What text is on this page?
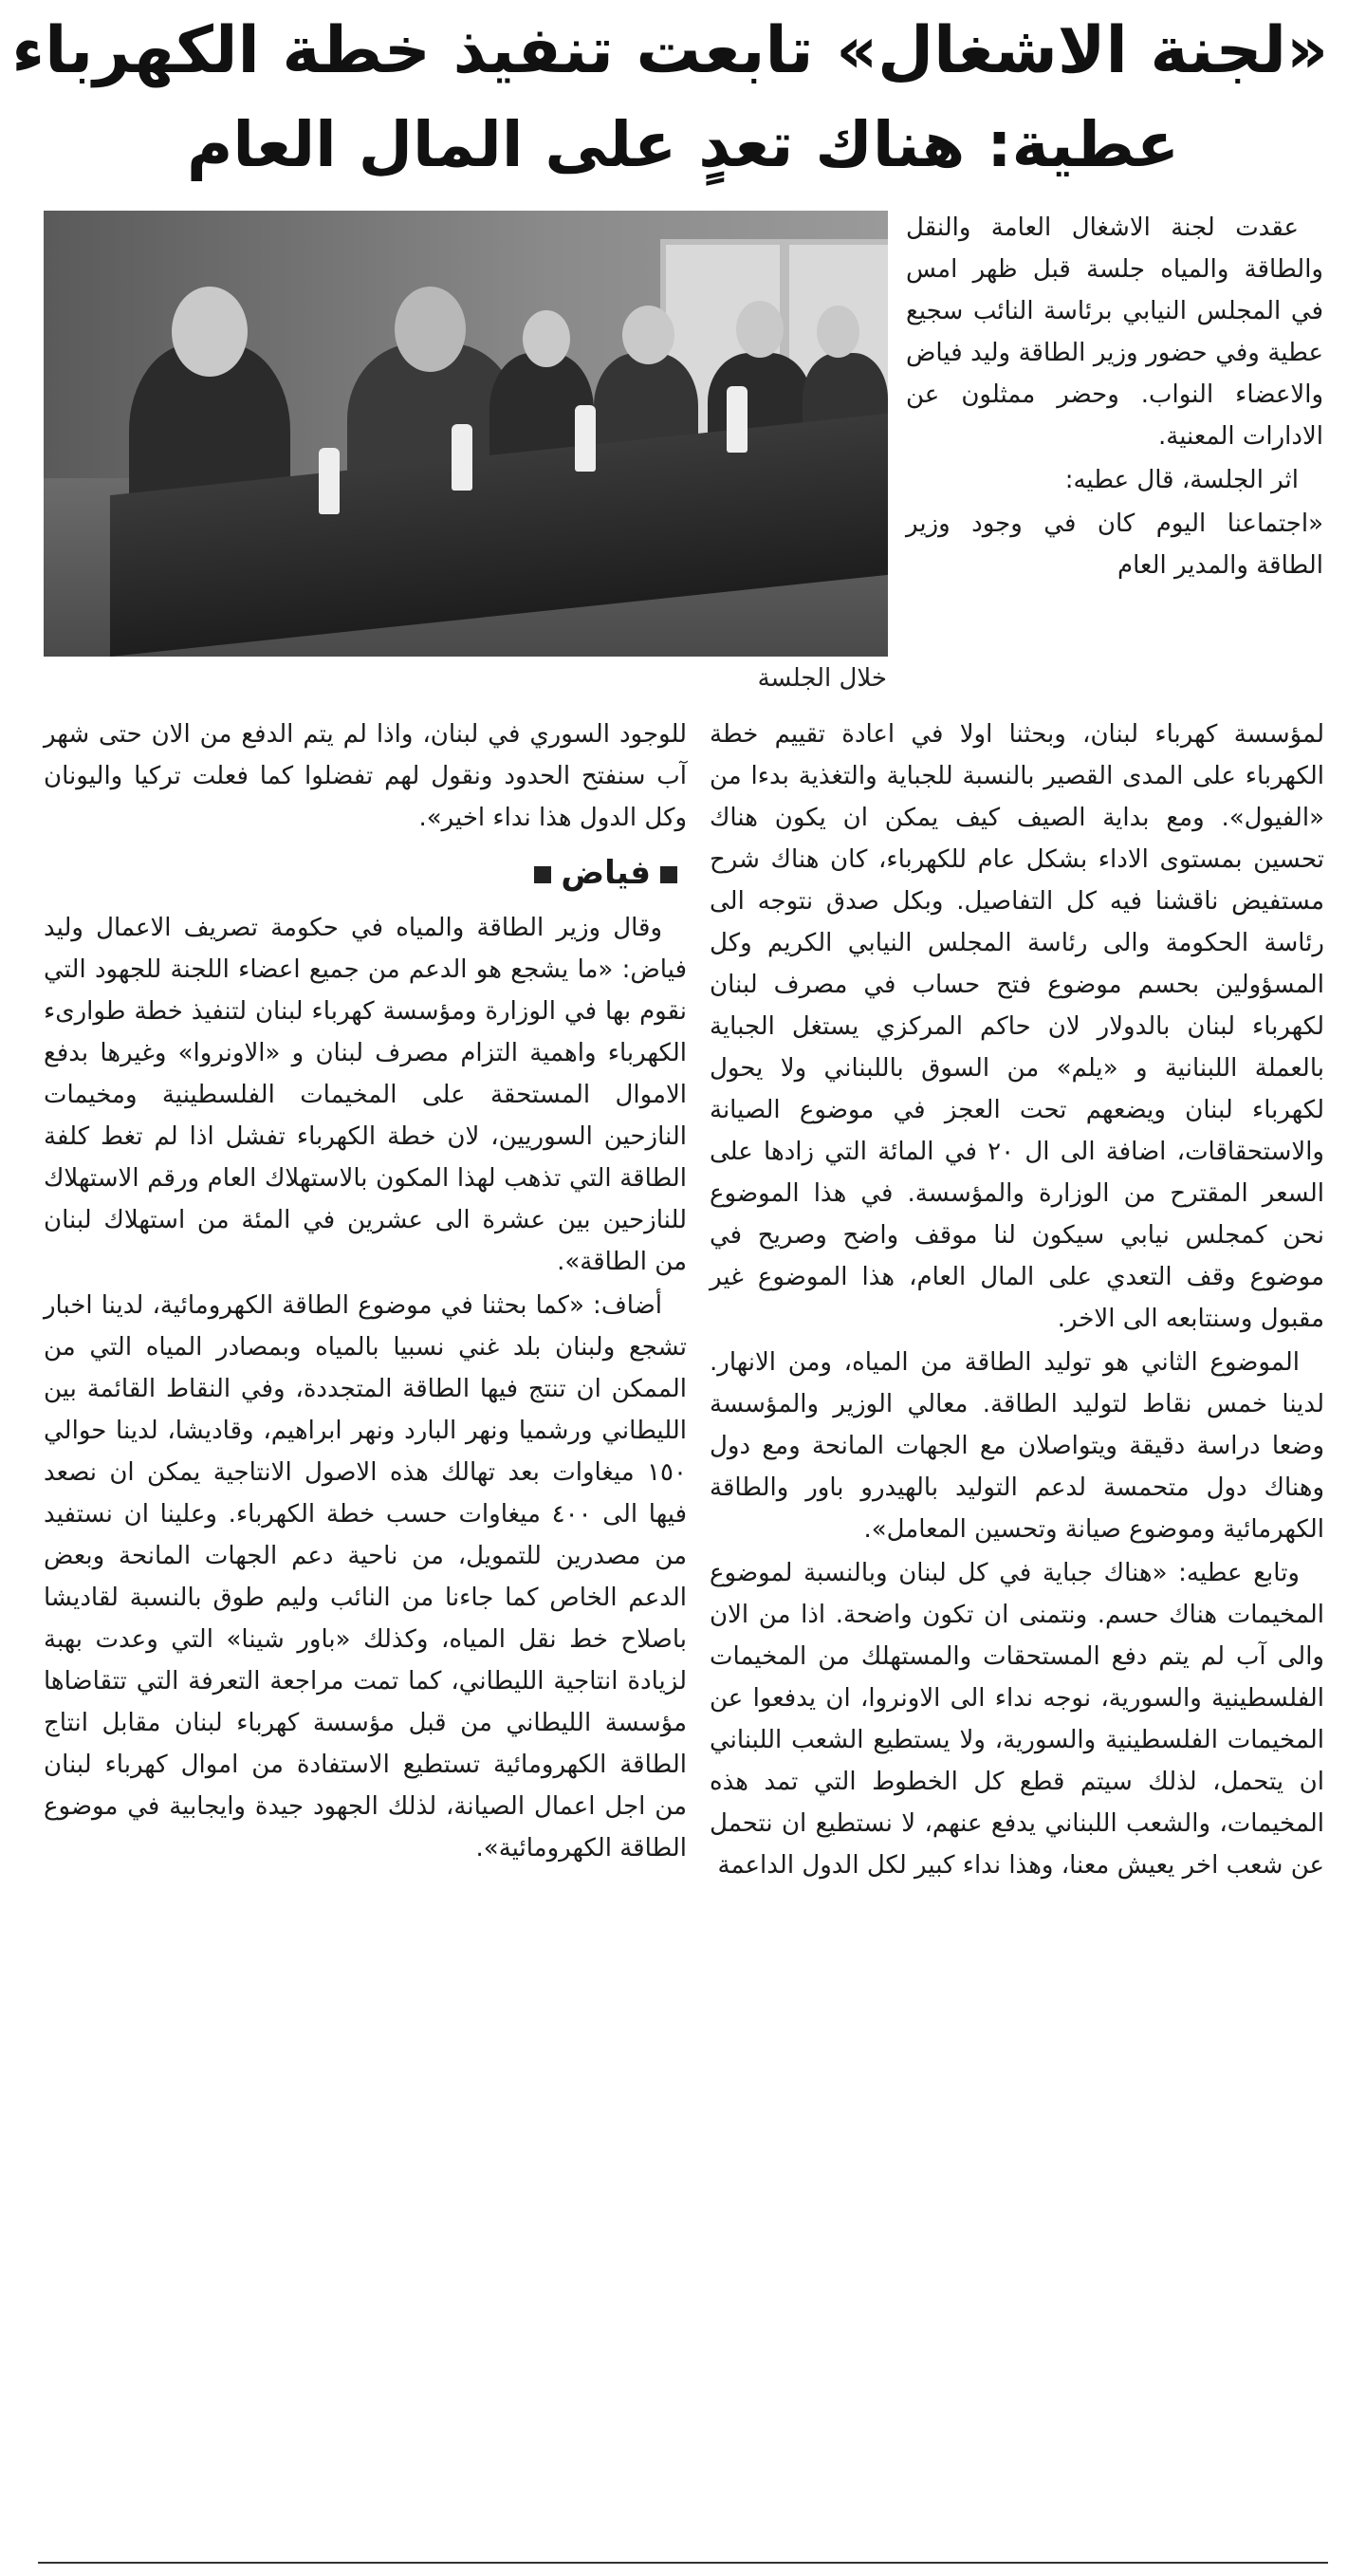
«لجنة الاشغال» تابعت تنفيذ خطة الكهرباء
عطية: هناك تعدٍ على المال العام
خلال الجلسة

عقدت لجنة الاشغال العامة والنقل والطاقة والمياه جلسة قبل ظهر امس في المجلس النيابي برئاسة النائب سجيع عطية وفي حضور وزير الطاقة وليد فياض والاعضاء النواب. وحضر ممثلون عن الادارات المعنية.

اثر الجلسة، قال عطيه:

«اجتماعنا اليوم كان في وجود وزير الطاقة والمدير العام

لمؤسسة كهرباء لبنان، وبحثنا اولا في اعادة تقييم خطة الكهرباء على المدى القصير بالنسبة للجباية والتغذية بدءا من «الفيول». ومع بداية الصيف كيف يمكن ان يكون هناك تحسين بمستوى الاداء بشكل عام للكهرباء، كان هناك شرح مستفيض ناقشنا فيه كل التفاصيل. وبكل صدق نتوجه الى رئاسة الحكومة والى رئاسة المجلس النيابي الكريم وكل المسؤولين بحسم موضوع فتح حساب في مصرف لبنان لكهرباء لبنان بالدولار لان حاكم المركزي يستغل الجباية بالعملة اللبنانية و «يلم» من السوق باللبناني ولا يحول لكهرباء لبنان ويضعهم تحت العجز في موضوع الصيانة والاستحقاقات، اضافة الى ال ٢٠ في المائة التي زادها على السعر المقترح من الوزارة والمؤسسة. في هذا الموضوع نحن كمجلس نيابي سيكون لنا موقف واضح وصريح في موضوع وقف التعدي على المال العام، هذا الموضوع غير مقبول وسنتابعه الى الاخر.

الموضوع الثاني هو توليد الطاقة من المياه، ومن الانهار. لدينا خمس نقاط لتوليد الطاقة. معالي الوزير والمؤسسة وضعا دراسة دقيقة ويتواصلان مع الجهات المانحة ومع دول وهناك دول متحمسة لدعم التوليد بالهيدرو باور والطاقة الكهرمائية وموضوع صيانة وتحسين المعامل».

وتابع عطيه: «هناك جباية في كل لبنان وبالنسبة لموضوع المخيمات هناك حسم. ونتمنى ان تكون واضحة. اذا من الان والى آب لم يتم دفع المستحقات والمستهلك من المخيمات الفلسطينية والسورية، نوجه نداء الى الاونروا، ان يدفعوا عن المخيمات الفلسطينية والسورية، ولا يستطيع الشعب اللبناني ان يتحمل، لذلك سيتم قطع كل الخطوط التي تمد هذه المخيمات، والشعب اللبناني يدفع عنهم، لا نستطيع ان نتحمل عن شعب اخر يعيش معنا، وهذا نداء كبير لكل الدول الداعمة

للوجود السوري في لبنان، واذا لم يتم الدفع من الان حتى شهر آب سنفتح الحدود ونقول لهم تفضلوا كما فعلت تركيا واليونان وكل الدول هذا نداء اخير».

فياض

وقال وزير الطاقة والمياه في حكومة تصريف الاعمال وليد فياض: «ما يشجع هو الدعم من جميع اعضاء اللجنة للجهود التي نقوم بها في الوزارة ومؤسسة كهرباء لبنان لتنفيذ خطة طوارىء الكهرباء واهمية التزام مصرف لبنان و «الاونروا» وغيرها بدفع الاموال المستحقة على المخيمات الفلسطينية ومخيمات النازحين السوريين، لان خطة الكهرباء تفشل اذا لم تغط كلفة الطاقة التي تذهب لهذا المكون بالاستهلاك العام ورقم الاستهلاك للنازحين بين عشرة الى عشرين في المئة من استهلاك لبنان من الطاقة».

أضاف: «كما بحثنا في موضوع الطاقة الكهرومائية، لدينا اخبار تشجع ولبنان بلد غني نسبيا بالمياه وبمصادر المياه التي من الممكن ان تنتج فيها الطاقة المتجددة، وفي النقاط القائمة بين الليطاني ورشميا ونهر البارد ونهر ابراهيم، وقاديشا، لدينا حوالي ١٥٠ ميغاوات بعد تهالك هذه الاصول الانتاجية يمكن ان نصعد فيها الى ٤٠٠ ميغاوات حسب خطة الكهرباء. وعلينا ان نستفيد من مصدرين للتمويل، من ناحية دعم الجهات المانحة وبعض الدعم الخاص كما جاءنا من النائب وليم طوق بالنسبة لقاديشا باصلاح خط نقل المياه، وكذلك «باور شينا» التي وعدت بهبة لزيادة انتاجية الليطاني، كما تمت مراجعة التعرفة التي تتقاضاها مؤسسة الليطاني من قبل مؤسسة كهرباء لبنان مقابل انتاج الطاقة الكهرومائية تستطيع الاستفادة من اموال كهرباء لبنان من اجل اعمال الصيانة، لذلك الجهود جيدة وايجابية في موضوع الطاقة الكهرومائية».
